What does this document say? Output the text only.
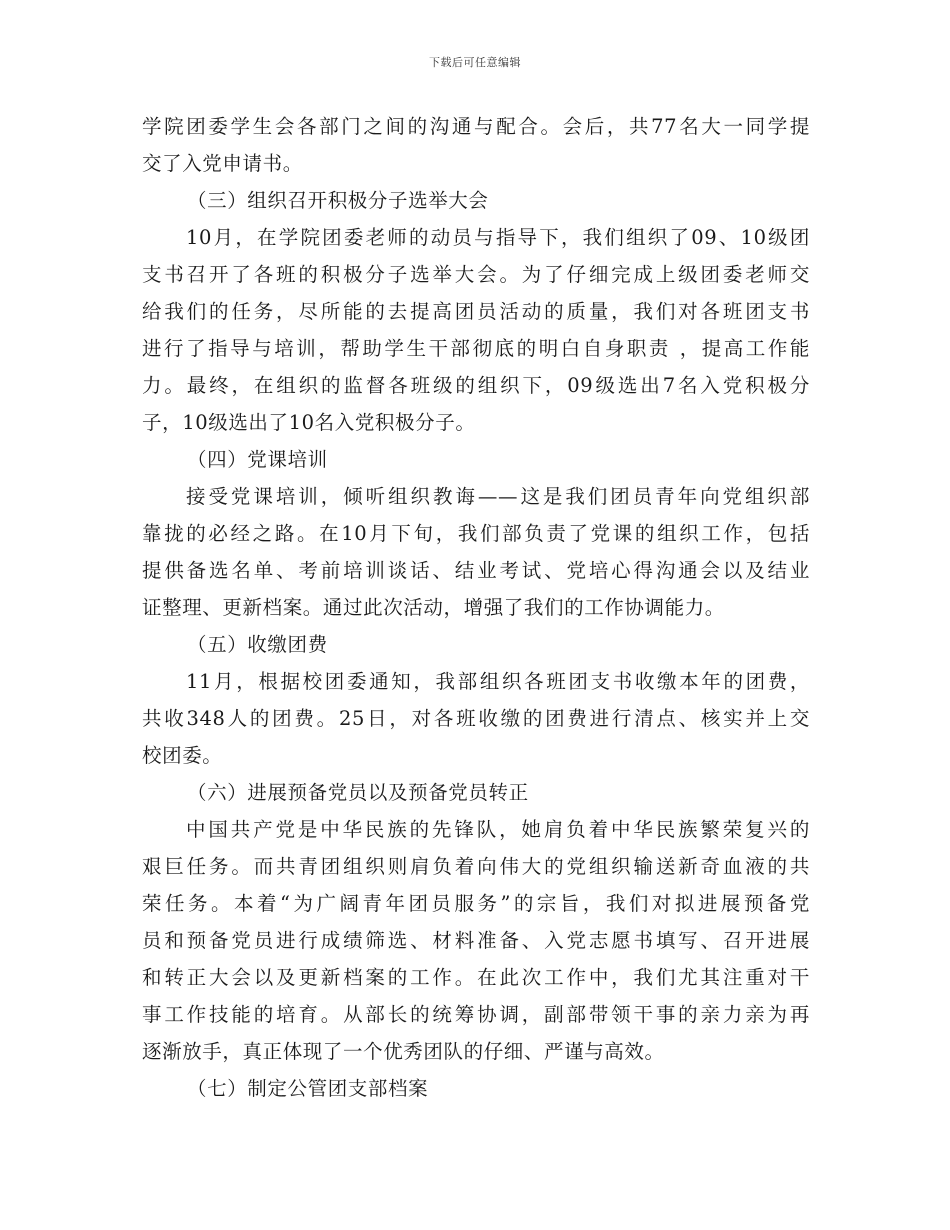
下载后可任意编辑
学院团委学生会各部门之间的沟通与配合。会后，共77名大一同学提
交了入党申请书。
（三）组织召开积极分子选举大会
10月，在学院团委老师的动员与指导下，我们组织了09、10级团
支书召开了各班的积极分子选举大会。为了仔细完成上级团委老师交
给我们的任务，尽所能的去提高团员活动的质量，我们对各班团支书
进行了指导与培训，帮助学生干部彻底的明白自身职责 ，提高工作能
力。最终，在组织的监督各班级的组织下，09级选出7名入党积极分
子，10级选出了10名入党积极分子。
（四）党课培训
接受党课培训，倾听组织教诲——这是我们团员青年向党组织部
靠拢的必经之路。在10月下旬，我们部负责了党课的组织工作，包括
提供备选名单、考前培训谈话、结业考试、党培心得沟通会以及结业
证整理、更新档案。通过此次活动，增强了我们的工作协调能力。
（五）收缴团费
11月，根据校团委通知，我部组织各班团支书收缴本年的团费，
共收348人的团费。25日，对各班收缴的团费进行清点、核实并上交
校团委。
（六）进展预备党员以及预备党员转正
中国共产党是中华民族的先锋队，她肩负着中华民族繁荣复兴的
艰巨任务。而共青团组织则肩负着向伟大的党组织输送新奇血液的共
荣任务。本着“为广阔青年团员服务”的宗旨，我们对拟进展预备党
员和预备党员进行成绩筛选、材料准备、入党志愿书填写、召开进展
和转正大会以及更新档案的工作。在此次工作中，我们尤其注重对干
事工作技能的培育。从部长的统筹协调，副部带领干事的亲力亲为再
逐渐放手，真正体现了一个优秀团队的仔细、严谨与高效。
（七）制定公管团支部档案
